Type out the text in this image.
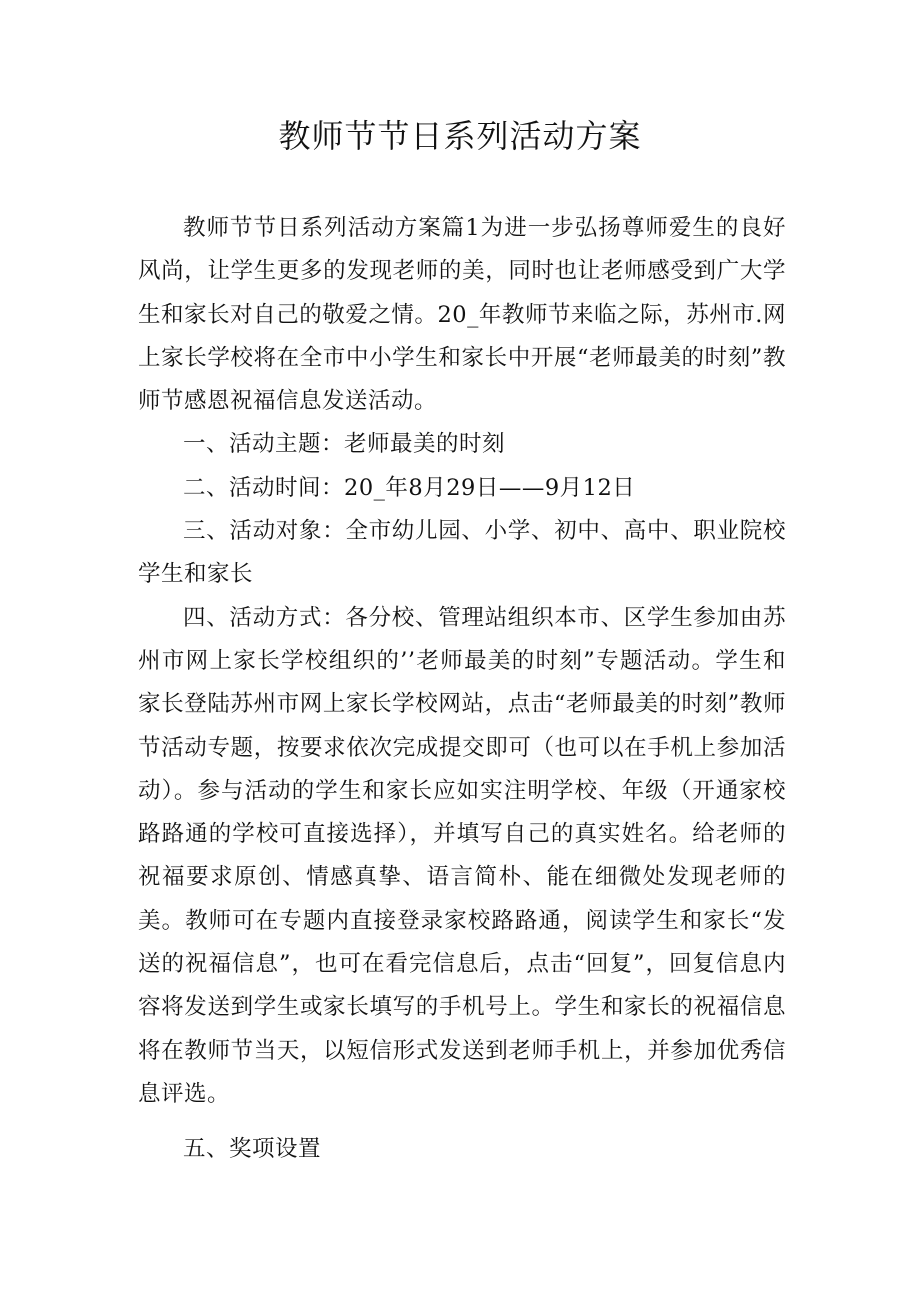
教师节节日系列活动方案

教师节节日系列活动方案篇1为进一步弘扬尊师爱生的良好风尚，让学生更多的发现老师的美，同时也让老师感受到广大学生和家长对自己的敬爱之情。20_年教师节来临之际，苏州市.网上家长学校将在全市中小学生和家长中开展“老师最美的时刻”教师节感恩祝福信息发送活动。

一、活动主题：老师最美的时刻

二、活动时间：20_年8月29日——9月12日

三、活动对象：全市幼儿园、小学、初中、高中、职业院校学生和家长

四、活动方式：各分校、管理站组织本市、区学生参加由苏州市网上家长学校组织的’’老师最美的时刻”专题活动。学生和家长登陆苏州市网上家长学校网站，点击“老师最美的时刻”教师节活动专题，按要求依次完成提交即可（也可以在手机上参加活动）。参与活动的学生和家长应如实注明学校、年级（开通家校路路通的学校可直接选择），并填写自己的真实姓名。给老师的祝福要求原创、情感真挚、语言简朴、能在细微处发现老师的美。教师可在专题内直接登录家校路路通，阅读学生和家长“发送的祝福信息”，也可在看完信息后，点击“回复”，回复信息内容将发送到学生或家长填写的手机号上。学生和家长的祝福信息将在教师节当天，以短信形式发送到老师手机上，并参加优秀信息评选。

五、奖项设置
